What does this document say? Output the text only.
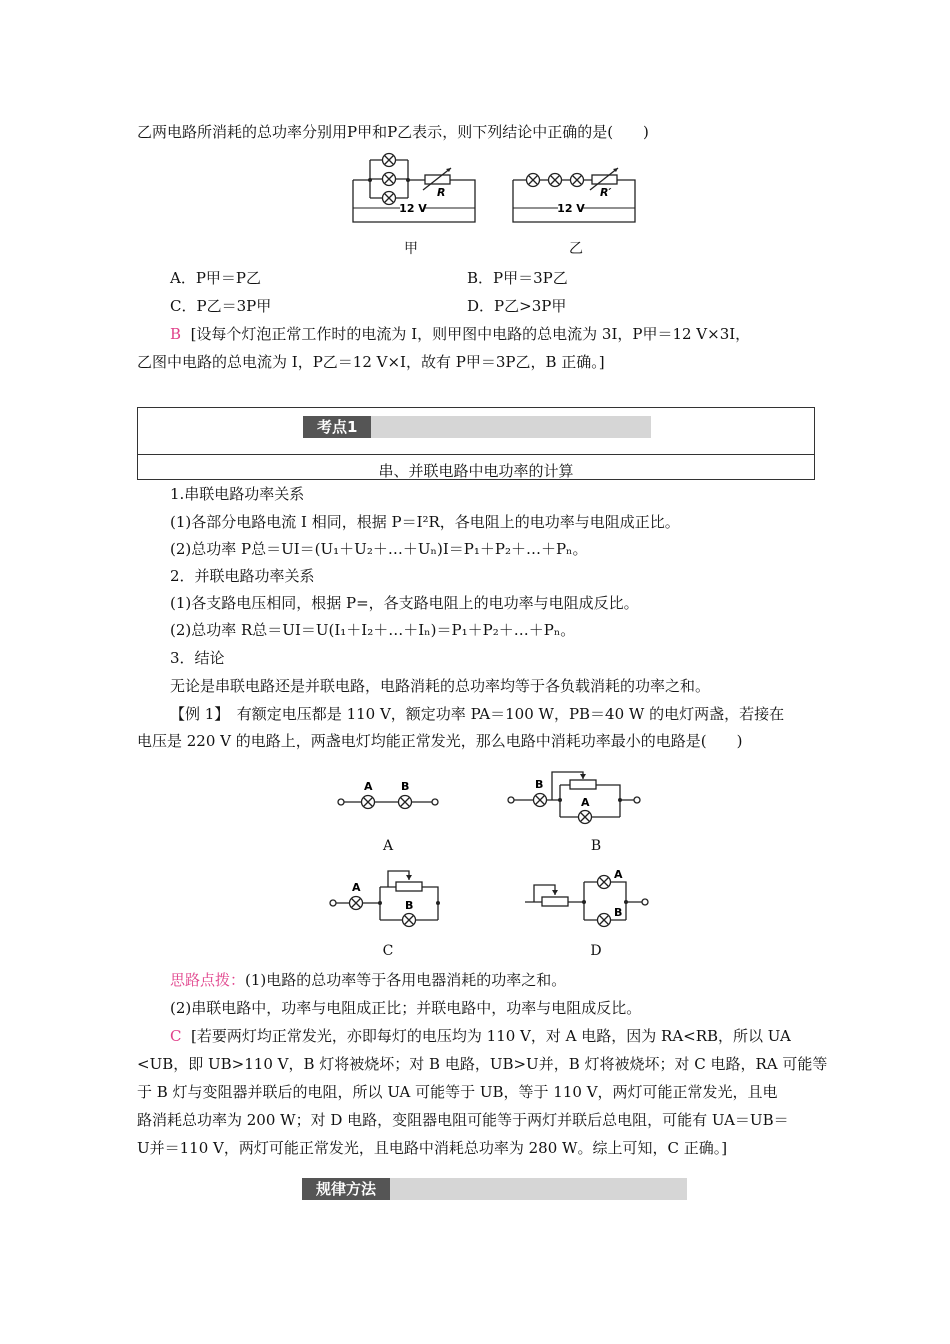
乙两电路所消耗的总功率分别用P甲和P乙表示，则下列结论中正确的是(　　)
12 V
R
12 V
R′
甲	乙
A．P甲＝P乙	B．P甲＝3P乙
C．P乙＝3P甲	D．P乙>3P甲
B [设每个灯泡正常工作时的电流为 I，则甲图中电路的总电流为 3I，P甲＝12 V×3I，
乙图中电路的总电流为 I，P乙＝12 V×I，故有 P甲＝3P乙，B 正确。]
考点1
串、并联电路中电功率的计算
1.串联电路功率关系
(1)各部分电路电流 I 相同，根据 P＝I²R，各电阻上的电功率与电阻成正比。
(2)总功率 P总＝UI＝(U₁＋U₂＋…＋Uₙ)I＝P₁＋P₂＋…＋Pₙ。
2．并联电路功率关系
(1)各支路电压相同，根据 P=，各支路电阻上的电功率与电阻成反比。
(2)总功率 R总＝UI＝U(I₁＋I₂＋…＋Iₙ)＝P₁＋P₂＋…＋Pₙ。
3．结论
无论是串联电路还是并联电路，电路消耗的总功率均等于各负载消耗的功率之和。
【例 1】　有额定电压都是 110 V，额定功率 PA＝100 W，PB＝40 W 的电灯两盏，若接在
电压是 220 V 的电路上，两盏电灯均能正常发光，那么电路中消耗功率最小的电路是(　　)
A	B	B
A
A
B
A
B
A	B
C	D
思路点拨：(1)电路的总功率等于各用电器消耗的功率之和。
(2)串联电路中，功率与电阻成正比；并联电路中，功率与电阻成反比。
C [若要两灯均正常发光，亦即每灯的电压均为 110 V，对 A 电路，因为 RA<RB，所以 UA
<UB，即 UB>110 V，B 灯将被烧坏；对 B 电路，UB>U并，B 灯将被烧坏；对 C 电路，RA 可能等
于 B 灯与变阻器并联后的电阻，所以 UA 可能等于 UB，等于 110 V，两灯可能正常发光，且电
路消耗总功率为 200 W；对 D 电路，变阻器电阻可能等于两灯并联后总电阻，可能有 UA＝UB＝
U并＝110 V，两灯可能正常发光，且电路中消耗总功率为 280 W。综上可知，C 正确。]
规律方法
